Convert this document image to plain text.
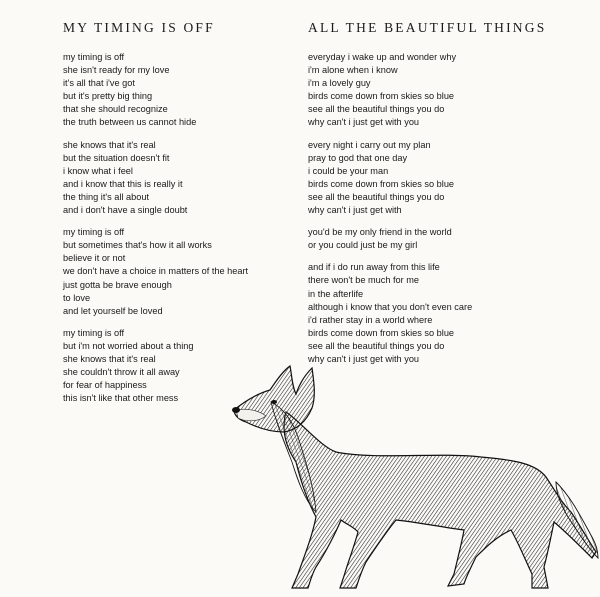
MY TIMING IS OFF
my timing is off
she isn't ready for my love
it's all that i've got
but it's pretty big thing
that she should recognize
the truth between us cannot hide
she knows that it's real
but the situation doesn't fit
i know what i feel
and i know that this is really it
the thing it's all about
and i don't have a single doubt
my timing is off
but sometimes that's how it all works
believe it or not
we don't have a choice in matters of the heart
just gotta be brave enough
to love
and let yourself be loved
my timing is off
but i'm not worried about a thing
she knows that it's real
she couldn't throw it all away
for fear of happiness
this isn't like that other mess
ALL THE BEAUTIFUL THINGS
everyday i wake up and wonder why
i'm alone when i know
i'm a lovely guy
birds come down from skies so blue
see all the beautiful things you do
why can't i just get with you
every night i carry out my plan
pray to god that one day
i could be your man
birds come down from skies so blue
see all the beautiful things you do
why can't i just get with
you'd be my only friend in the world
or you could just be my girl
and if i do run away from this life
there won't be much for me
in the afterlife
although i know that you don't even care
i'd rather stay in a world where
birds come down from skies so blue
see all the beautiful things you do
why can't i just get with you
